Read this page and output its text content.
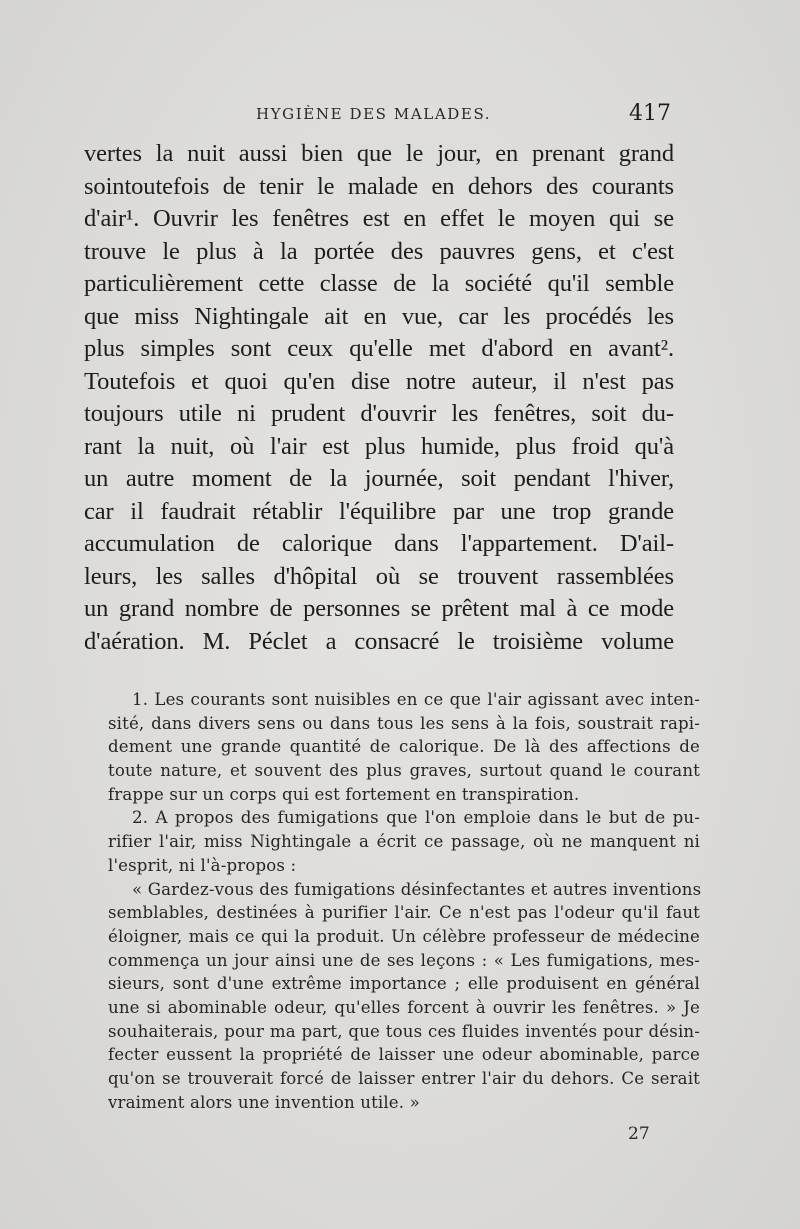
HYGIÈNE DES MALADES.	417
vertes la nuit aussi bien que le jour, en prenant grand
sointoutefois de tenir le malade en dehors des courants
d'air¹. Ouvrir les fenêtres est en effet le moyen qui se
trouve le plus à la portée des pauvres gens, et c'est
particulièrement cette classe de la société qu'il semble
que miss Nightingale ait en vue, car les procédés les
plus simples sont ceux qu'elle met d'abord en avant².
Toutefois et quoi qu'en dise notre auteur, il n'est pas
toujours utile ni prudent d'ouvrir les fenêtres, soit du-
rant la nuit, où l'air est plus humide, plus froid qu'à
un autre moment de la journée, soit pendant l'hiver,
car il faudrait rétablir l'équilibre par une trop grande
accumulation de calorique dans l'appartement. D'ail-
leurs, les salles d'hôpital où se trouvent rassemblées
un grand nombre de personnes se prêtent mal à ce mode
d'aération. M. Péclet a consacré le troisième volume
1. Les courants sont nuisibles en ce que l'air agissant avec inten-
sité, dans divers sens ou dans tous les sens à la fois, soustrait rapi-
dement une grande quantité de calorique. De là des affections de
toute nature, et souvent des plus graves, surtout quand le courant
frappe sur un corps qui est fortement en transpiration.
2. A propos des fumigations que l'on emploie dans le but de pu-
rifier l'air, miss Nightingale a écrit ce passage, où ne manquent ni
l'esprit, ni l'à-propos :
« Gardez-vous des fumigations désinfectantes et autres inventions
semblables, destinées à purifier l'air. Ce n'est pas l'odeur qu'il faut
éloigner, mais ce qui la produit. Un célèbre professeur de médecine
commença un jour ainsi une de ses leçons : « Les fumigations, mes-
sieurs, sont d'une extrême importance ; elle produisent en général
une si abominable odeur, qu'elles forcent à ouvrir les fenêtres. » Je
souhaiterais, pour ma part, que tous ces fluides inventés pour désin-
fecter eussent la propriété de laisser une odeur abominable, parce
qu'on se trouverait forcé de laisser entrer l'air du dehors. Ce serait
vraiment alors une invention utile. »
27
